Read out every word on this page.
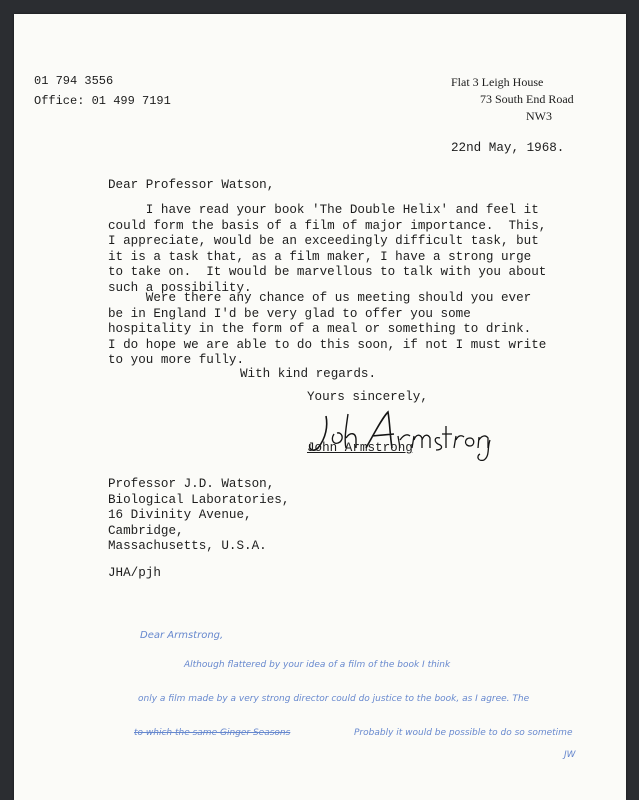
01 794 3556
Office: 01 499 7191
Flat 3 Leigh House
73 South End Road
NW3
22nd May, 1968.
Dear Professor Watson,
I have read your book 'The Double Helix' and feel it
could form the basis of a film of major importance.  This,
I appreciate, would be an exceedingly difficult task, but
it is a task that, as a film maker, I have a strong urge
to take on.  It would be marvellous to talk with you about
such a possibility.
Were there any chance of us meeting should you ever
be in England I'd be very glad to offer you some
hospitality in the form of a meal or something to drink.
I do hope we are able to do this soon, if not I must write
to you more fully.
With kind regards.
Yours sincerely,
John Armstrong
Professor J.D. Watson,
Biological Laboratories,
16 Divinity Avenue,
Cambridge,
Massachusetts, U.S.A.
JHA/pjh
Dear Armstrong,
Although flattered by your idea of a film of the book I think
only a film made by a very strong director could do justice to the book, as I agree. The
to which the same Ginger Seasons	Probably it would be possible to do so sometime
JW
